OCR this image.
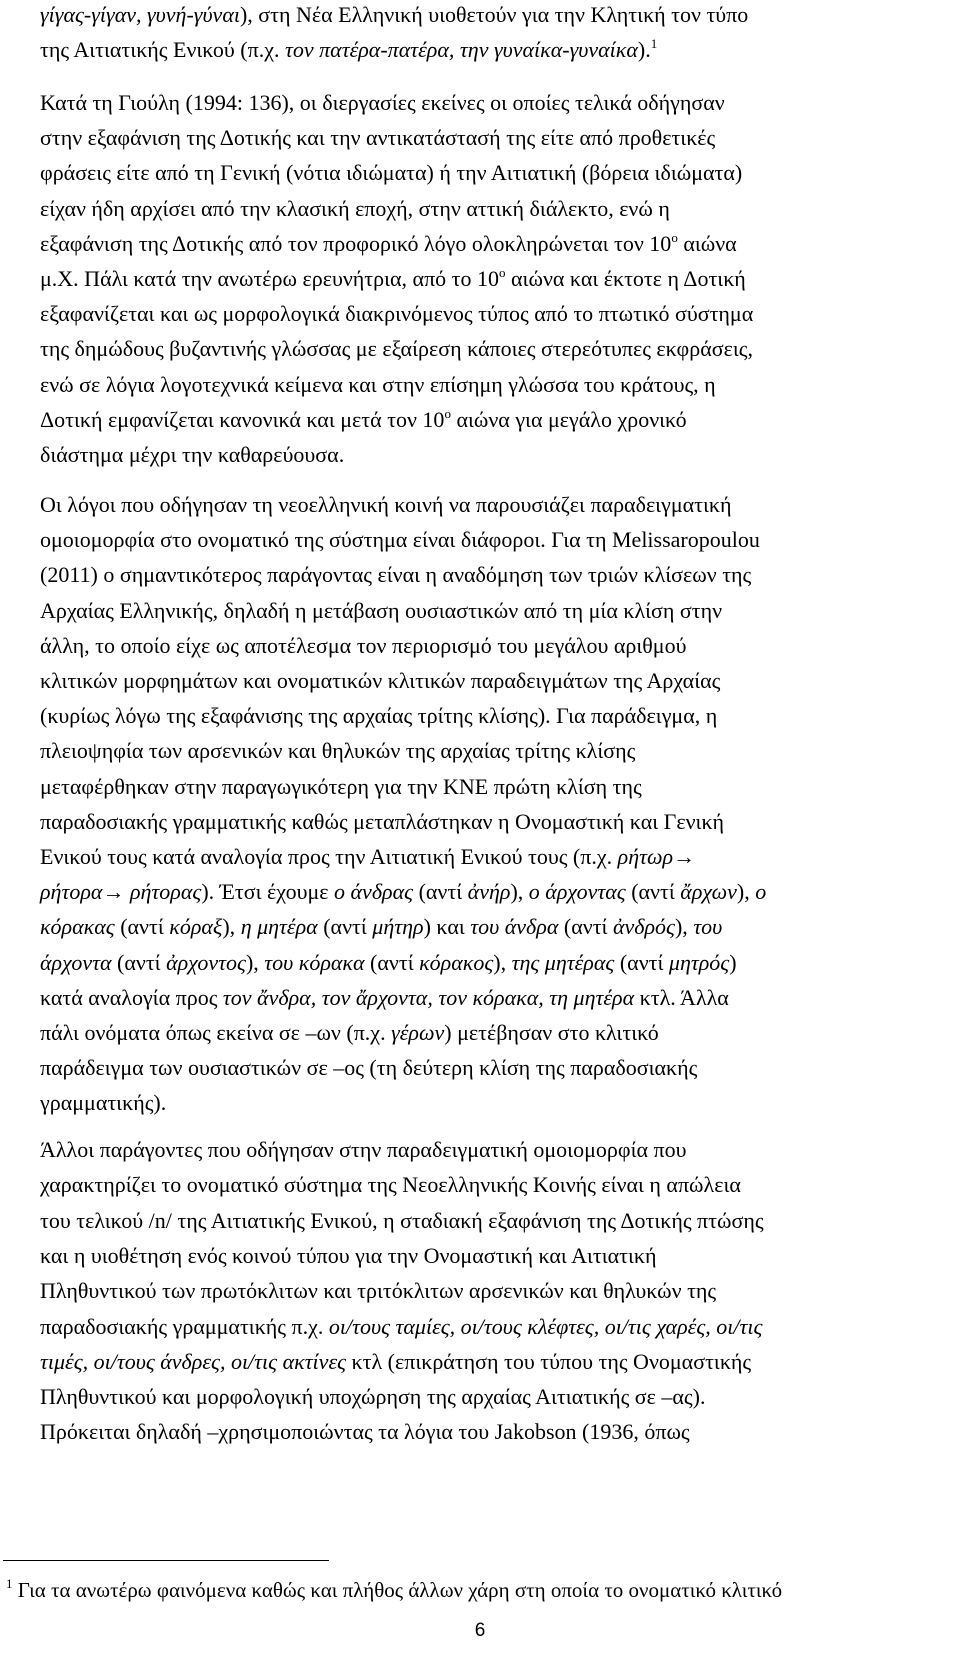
$^1$ Για τα ανωτέρω φαινόμενα καθώς και πλήθος άλλων χάρη στη οποία το ονοματικό κλιτικό
6
γίγας-γίγαν, γυνή-γύναι), στη Νέα Ελληνική υιοθετούν για την Κλητική τον τύπο
της Αιτιατικής Ενικού (π.χ. τον πατέρα-πατέρα, την γυναίκα-γυναίκα).$^1$
Κατά τη Γιούλη (1994: 136), οι διεργασίες εκείνες οι οποίες τελικά οδήγησαν
στην εξαφάνιση της Δοτικής και την αντικατάστασή της είτε από προθετικές
φράσεις είτε από τη Γενική (νότια ιδιώματα) ή την Αιτιατική (βόρεια ιδιώματα)
είχαν ήδη αρχίσει από την κλασική εποχή, στην αττική διάλεκτο, ενώ η
εξαφάνιση της Δοτικής από τον προφορικό λόγο ολοκληρώνεται τον $10^o$ αιώνα
μ.Χ. Πάλι κατά την ανωτέρω ερευνήτρια, από το $10^o$ αιώνα και έκτοτε η Δοτική
εξαφανίζεται και ως μορφολογικά διακρινόμενος τύπος από το πτωτικό σύστημα
της δημώδους βυζαντινής γλώσσας με εξαίρεση κάποιες στερεότυπες εκφράσεις,
ενώ σε λόγια λογοτεχνικά κείμενα και στην επίσημη γλώσσα του κράτους, η
Δοτική εμφανίζεται κανονικά και μετά τον $10^o$ αιώνα για μεγάλο χρονικό
διάστημα μέχρι την καθαρεύουσα.
Οι λόγοι που οδήγησαν τη νεοελληνική κοινή να παρουσιάζει παραδειγματική
ομοιομορφία στο ονοματικό της σύστημα είναι διάφοροι. Για τη Melissaropoulou
(2011) ο σημαντικότερος παράγοντας είναι η αναδόμηση των τριών κλίσεων της
Αρχαίας Ελληνικής, δηλαδή η μετάβαση ουσιαστικών από τη μία κλίση στην
άλλη, το οποίο είχε ως αποτέλεσμα τον περιορισμό του μεγάλου αριθμού
κλιτικών μορφημάτων και ονοματικών κλιτικών παραδειγμάτων της Αρχαίας
(κυρίως λόγω της εξαφάνισης της αρχαίας τρίτης κλίσης). Για παράδειγμα, η
πλειοψηφία των αρσενικών και θηλυκών της αρχαίας τρίτης κλίσης
μεταφέρθηκαν στην παραγωγικότερη για την ΚΝΕ πρώτη κλίση της
παραδοσιακής γραμματικής καθώς μεταπλάστηκαν η Ονομαστική και Γενική
Ενικού τους κατά αναλογία προς την Αιτιατική Ενικού τους (π.χ. ρήτωρ→
ρήτορα→ ρήτορας). Έτσι έχουμε ο άνδρας (αντί ἀνήρ), ο άρχοντας (αντί ἄρχων), ο
κόρακας (αντί κόραξ), η μητέρα (αντί μήτηρ) και του άνδρα (αντί ἀνδρός), του
άρχοντα (αντί ἀρχοντος), του κόρακα (αντί κόρακος), της μητέρας (αντί μητρός)
κατά αναλογία προς τον ἄνδρα, τον ἄρχοντα, τον κόρακα, τη μητέρα κτλ. Άλλα
πάλι ονόματα όπως εκείνα σε –ων (π.χ. γέρων) μετέβησαν στο κλιτικό
παράδειγμα των ουσιαστικών σε –ος (τη δεύτερη κλίση της παραδοσιακής
γραμματικής).
Άλλοι παράγοντες που οδήγησαν στην παραδειγματική ομοιομορφία που
χαρακτηρίζει το ονοματικό σύστημα της Νεοελληνικής Κοινής είναι η απώλεια
του τελικού /n/ της Αιτιατικής Ενικού, η σταδιακή εξαφάνιση της Δοτικής πτώσης
και η υιοθέτηση ενός κοινού τύπου για την Ονομαστική και Αιτιατική
Πληθυντικού των πρωτόκλιτων και τριτόκλιτων αρσενικών και θηλυκών της
παραδοσιακής γραμματικής π.χ. οι/τους ταμίες, οι/τους κλέφτες, οι/τις χαρές, οι/τις
τιμές, οι/τους άνδρες, οι/τις ακτίνες κτλ (επικράτηση του τύπου της Ονομαστικής
Πληθυντικού και μορφολογική υποχώρηση της αρχαίας Αιτιατικής σε –ας).
Πρόκειται δηλαδή –χρησιμοποιώντας τα λόγια του Jakobson (1936, όπως
